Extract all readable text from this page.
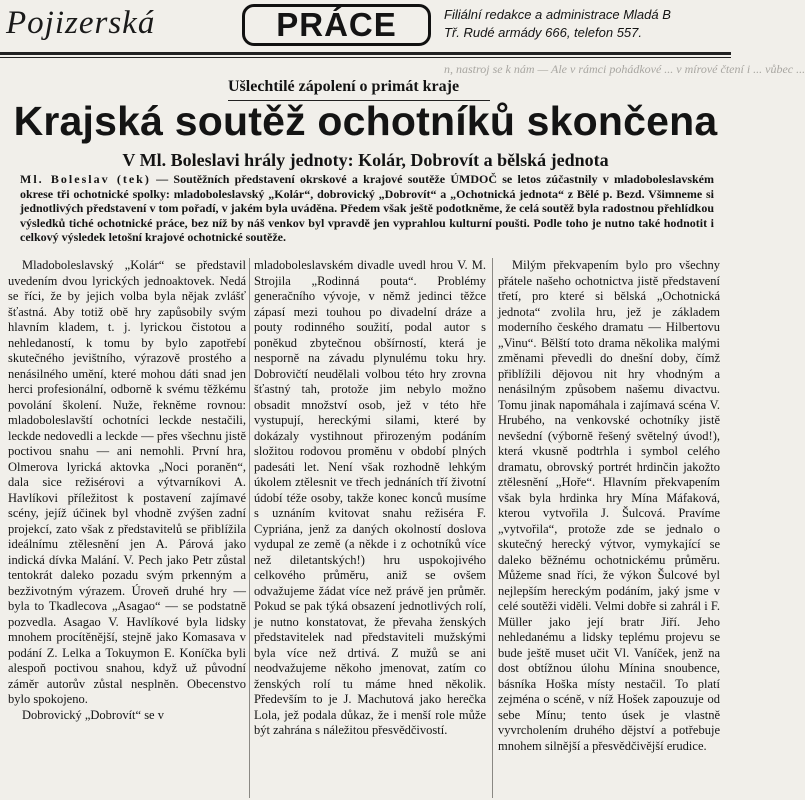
Pojizerská	PRÁCE	Filiální redakce a administrace Mladá B
Tř. Rudé armády 666, telefon 557.
n, nastroj se k nám — Ale v rámci pohádkové ... v mírové čtení i ... vůbec ...
Ušlechtilé zápolení o primát kraje
Krajská soutěž ochotníků skončena
V Ml. Boleslavi hrály jednoty: Kolár, Dobrovít a bělská jednota
Ml. Boleslav (tek) — Soutěžních představení okrskové a krajové soutěže ÚMDOČ se letos zúčastnily v mladoboleslavském okrese tři ochotnické spolky: mladoboleslavský „Kolár“, dobrovický „Dobrovít“ a „Ochotnická jednota“ z Bělé p. Bezd. Všimneme si jednotlivých představení v tom pořadí, v jakém byla uváděna. Předem však ještě podotkněme, že celá soutěž byla radostnou přehlídkou výsledků tiché ochotnické práce, bez níž by náš venkov byl vpravdě jen vyprahlou kulturní poušti. Podle toho je nutno také hodnotit i celkový výsledek letošní krajové ochotnické soutěže.

Mladoboleslavský „Kolár“ se představil uvedením dvou lyrických jednoaktovek. Nedá se říci, že by jejich volba byla nějak zvlášť šťastná. Aby totiž obě hry zapůsobily svým hlavním kladem, t. j. lyrickou čistotou a nehledaností, k tomu by bylo zapotřebí skutečného jevištního, výrazově prostého a nenásilného umění, které mohou dáti snad jen herci profesionální, odborně k svému těžkému povolání školení. Nuže, řekněme rovnou: mladoboleslavští ochotníci leckde nestačili, leckde nedovedli a leckde — přes všechnu jistě poctivou snahu — ani nemohli. První hra, Olmerova lyrická aktovka „Noci poraněn“, dala sice režisérovi a výtvarníkovi A. Havlíkovi příležitost k postavení zajímavé scény, jejíž účinek byl vhodně zvýšen zadní projekcí, zato však z představitelů se přiblížila ideálnímu ztělesnění jen A. Párová jako indická dívka Malání. V. Pech jako Petr zůstal tentokrát daleko pozadu svým prkenným a bezživotným výrazem. Úroveň druhé hry — byla to Tkadlecova „Asagao“ — se podstatně pozvedla. Asagao V. Havlíkové byla lidsky mnohem procítěnější, stejně jako Komasava v podání Z. Lelka a Tokuymon E. Koníčka byli alespoň poctivou snahou, když už původní záměr autorův zůstal nesplněn. Obecenstvo bylo spokojeno.

Dobrovický „Dobrovít“ se v

mladoboleslavském divadle uvedl hrou V. M. Strojila „Rodinná pouta“. Problémy generačního vývoje, v němž jedinci těžce zápasí mezi touhou po divadelní dráze a pouty rodinného soužití, podal autor s poněkud zbytečnou obšírností, která je nesporně na závadu plynulému toku hry. Dobrovičtí neudělali volbou této hry zrovna šťastný tah, protože jim nebylo možno obsadit množství osob, jež v této hře vystupují, hereckými silami, které by dokázaly vystihnout přirozeným podáním složitou rodovou proměnu v období plných padesáti let. Není však rozhodně lehkým úkolem ztělesnit ve třech jednáních tří životní údobí téže osoby, takže konec konců musíme s uznáním kvitovat snahu režiséra F. Cypriána, jenž za daných okolností doslova vydupal ze země (a někde i z ochotníků více než diletantských!) hru uspokojivého celkového průměru, aniž se ovšem odvažujeme žádat více než právě jen průměr. Pokud se pak týká obsazení jednotlivých rolí, je nutno konstatovat, že převaha ženských představitelek nad představiteli mužskými byla více než drtivá. Z mužů se ani neodvažujeme někoho jmenovat, zatím co ženských rolí tu máme hned několik. Především to je J. Machutová jako herečka Lola, jež podala důkaz, že i menší role může být zahrána s náležitou přesvědčivostí.

Milým překvapením bylo pro všechny přátele našeho ochotnictva jistě představení třetí, pro které si bělská „Ochotnická jednota“ zvolila hru, jež je základem moderního českého dramatu — Hilbertovu „Vinu“. Bělští toto drama několika malými změnami převedli do dnešní doby, čímž přiblížili dějovou nit hry vhodným a nenásilným způsobem našemu divactvu. Tomu jinak napomáhala i zajímavá scéna V. Hrubého, na venkovské ochotníky jistě nevšední (výborně řešený světelný úvod!), která vkusně podtrhla i symbol celého dramatu, obrovský portrét hrdinčin jakožto ztělesnění „Hoře“. Hlavním překvapením však byla hrdinka hry Mína Máfaková, kterou vytvořila J. Šulcová. Pravíme „vytvořila“, protože zde se jednalo o skutečný herecký výtvor, vymykající se daleko běžnému ochotnickému průměru. Můžeme snad říci, že výkon Šulcové byl nejlepším hereckým podáním, jaký jsme v celé soutěži viděli. Velmi dobře si zahrál i F. Müller jako její bratr Jiří. Jeho nehledanému a lidsky teplému projevu se bude ještě muset učit Vl. Vaníček, jenž na dost obtížnou úlohu Mínina snoubence, básníka Hoška místy nestačil. To platí zejména o scéně, v níž Hošek zapouzuje od sebe Mínu; tento úsek je vlastně vyvrcholením druhého dějství a potřebuje mnohem silnější a přesvědčivější erudice.
